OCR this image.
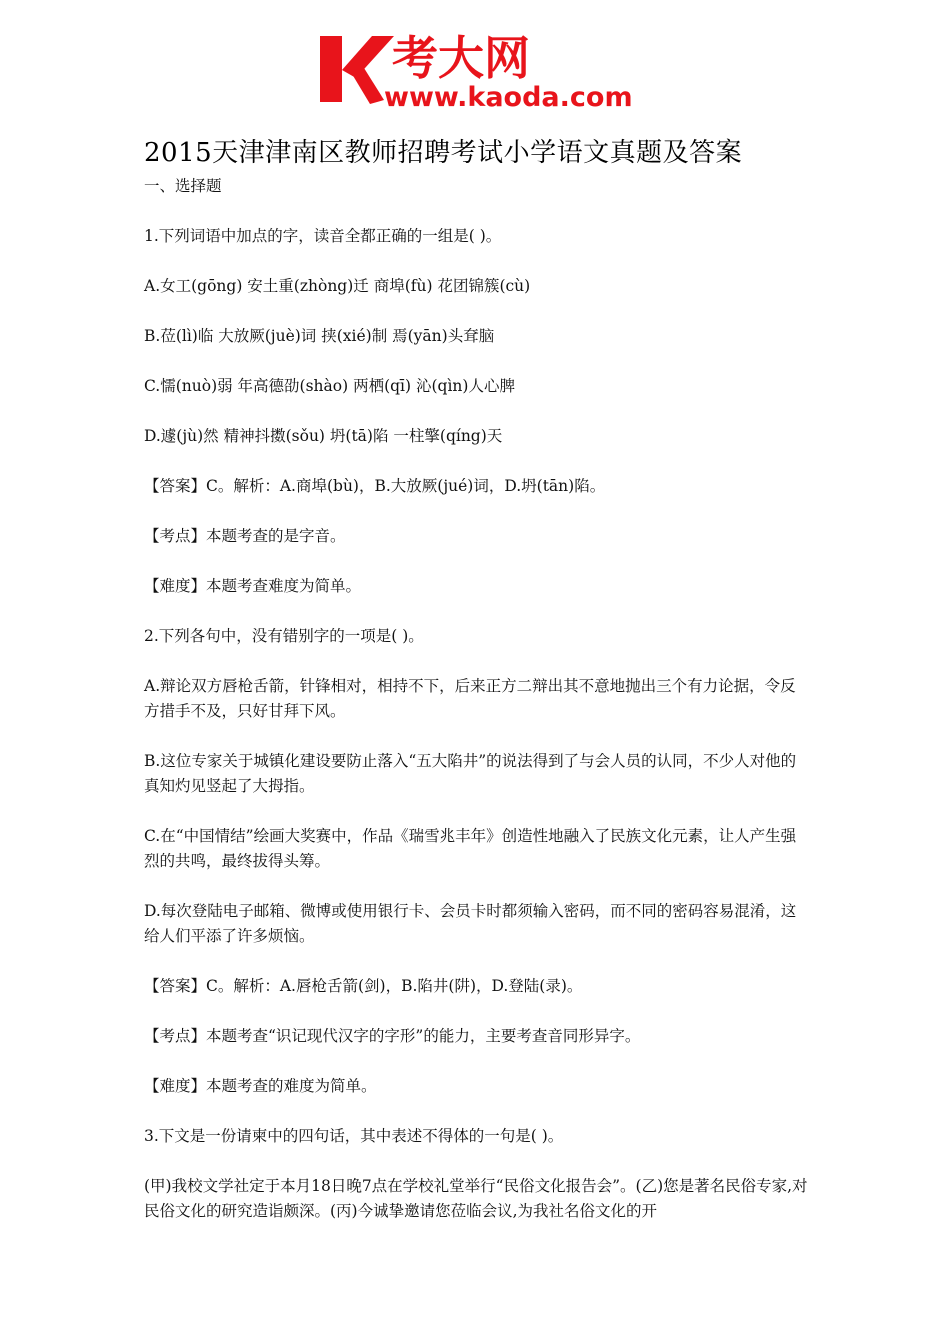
考大网
www.kaoda.com
2015天津津南区教师招聘考试小学语文真题及答案

一、选择题

1.下列词语中加点的字，读音全都正确的一组是( )。

A.女工(gōng) 安土重(zhòng)迁 商埠(fù) 花团锦簇(cù)

B.莅(lì)临 大放厥(juè)词 挟(xié)制 焉(yān)头耷脑

C.懦(nuò)弱 年高德劭(shào) 两栖(qī) 沁(qìn)人心脾

D.遽(jù)然 精神抖擞(sǒu) 坍(tā)陷 一柱擎(qíng)天

【答案】C。解析：A.商埠(bù)，B.大放厥(jué)词，D.坍(tān)陷。

【考点】本题考查的是字音。

【难度】本题考查难度为简单。

2.下列各句中，没有错别字的一项是( )。

A.辩论双方唇枪舌箭，针锋相对，相持不下，后来正方二辩出其不意地抛出三个有力论据，令反方措手不及，只好甘拜下风。

B.这位专家关于城镇化建设要防止落入“五大陷井”的说法得到了与会人员的认同，不少人对他的真知灼见竖起了大拇指。

C.在“中国情结”绘画大奖赛中，作品《瑞雪兆丰年》创造性地融入了民族文化元素，让人产生强烈的共鸣，最终拔得头筹。

D.每次登陆电子邮箱、微博或使用银行卡、会员卡时都须输入密码，而不同的密码容易混淆，这给人们平添了许多烦恼。

【答案】C。解析：A.唇枪舌箭(剑)，B.陷井(阱)，D.登陆(录)。

【考点】本题考查“识记现代汉字的字形”的能力，主要考查音同形异字。

【难度】本题考查的难度为简单。

3.下文是一份请柬中的四句话，其中表述不得体的一句是( )。

(甲)我校文学社定于本月18日晚7点在学校礼堂举行“民俗文化报告会”。(乙)您是著名民俗专家,对民俗文化的研究造诣颇深。(丙)今诚挚邀请您莅临会议,为我社名俗文化的开
